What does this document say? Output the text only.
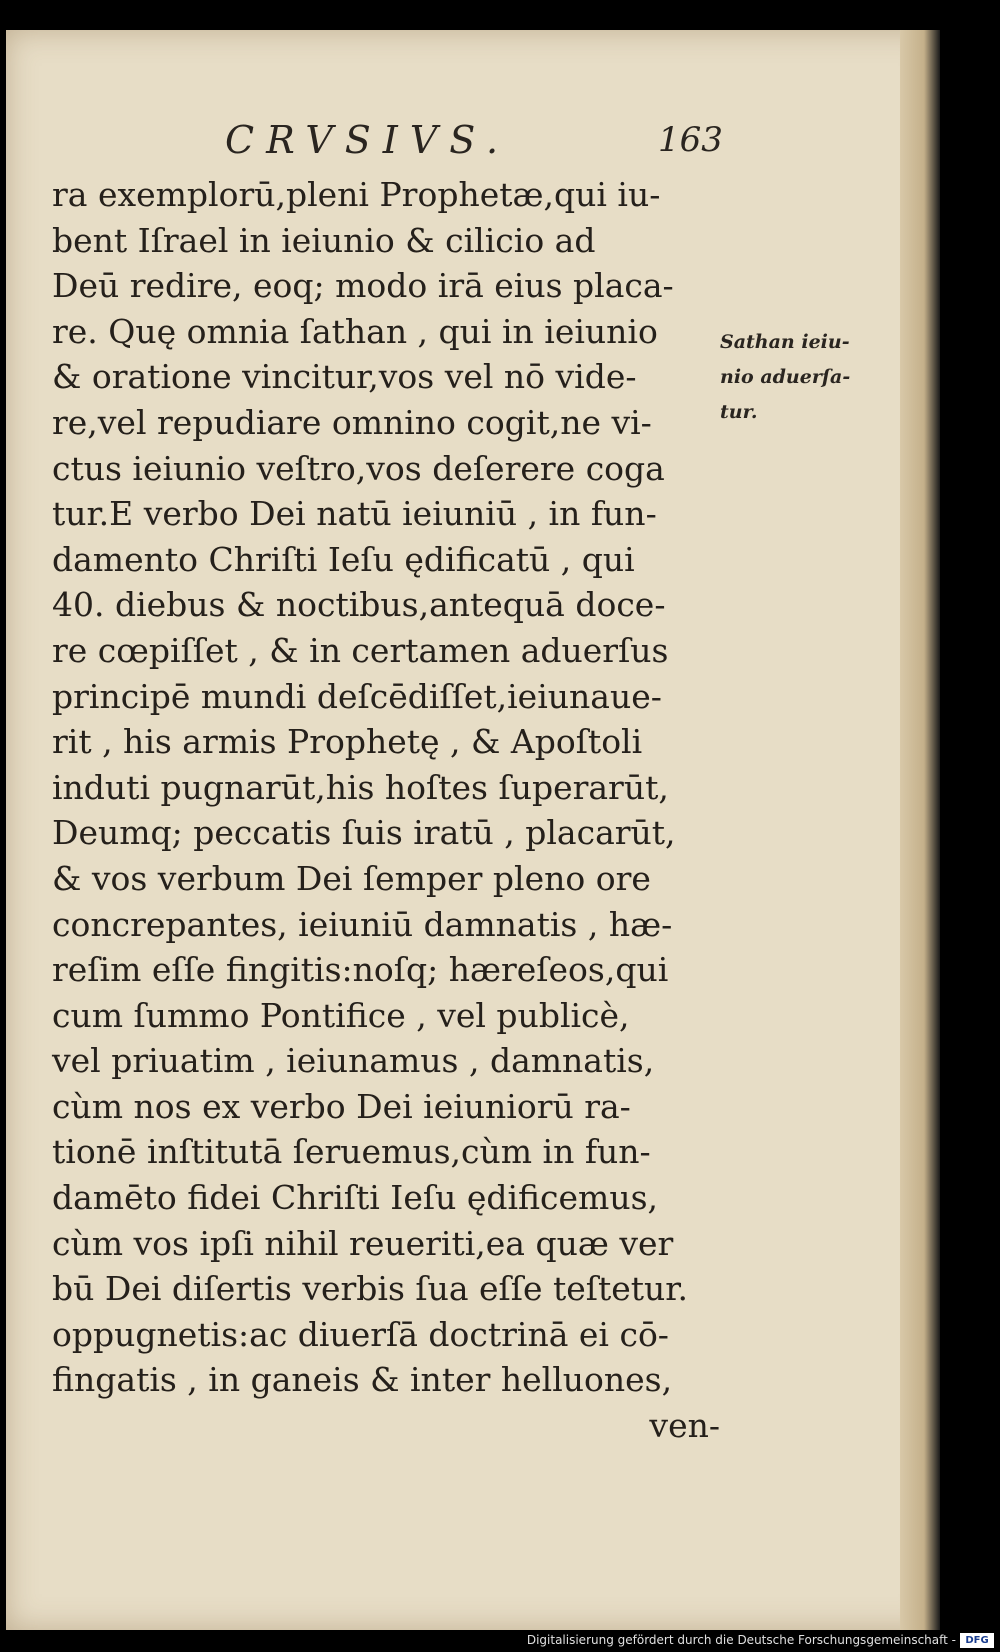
CRVSIVS.	163
ra exemplorū,pleni Prophetæ,qui iu-
bent Iſrael in ieiunio & cilicio ad
Deū redire, eoq; modo irā eius placa-
re. Quę omnia ſathan , qui in ieiunio
& oratione vincitur,vos vel nō vide-
re,vel repudiare omnino cogit,ne vi-
ctus ieiunio veſtro,vos deſerere coga
tur.E verbo Dei natū ieiuniū , in fun-
damento Chriſti Ieſu ędificatū , qui
40. diebus & noctibus,antequā doce-
re cœpiſſet , & in certamen aduerſus
principē mundi deſcēdiſſet,ieiunaue-
rit , his armis Prophetę , & Apoſtoli
induti pugnarūt,his hoſtes ſuperarūt,
Deumq; peccatis ſuis iratū , placarūt,
& vos verbum Dei ſemper pleno ore
concrepantes, ieiuniū damnatis , hæ-
reſim eſſe fingitis:noſq; hæreſeos,qui
cum ſummo Pontifice , vel publicè,
vel priuatim , ieiunamus , damnatis,
cùm nos ex verbo Dei ieiuniorū ra-
tionē inſtitutā ſeruemus,cùm in fun-
damēto fidei Chriſti Ieſu ędificemus,
cùm vos ipſi nihil reueriti,ea quæ ver
bū Dei diſertis verbis ſua eſſe teſtetur.
oppugnetis:ac diuerſā doctrinā ei cō-
fingatis , in ganeis & inter helluones,
ven-
Sathan ieiu-
nio aduerſa-
tur.
Digitalisierung gefördert durch die Deutsche Forschungsgemeinschaft - DFG
